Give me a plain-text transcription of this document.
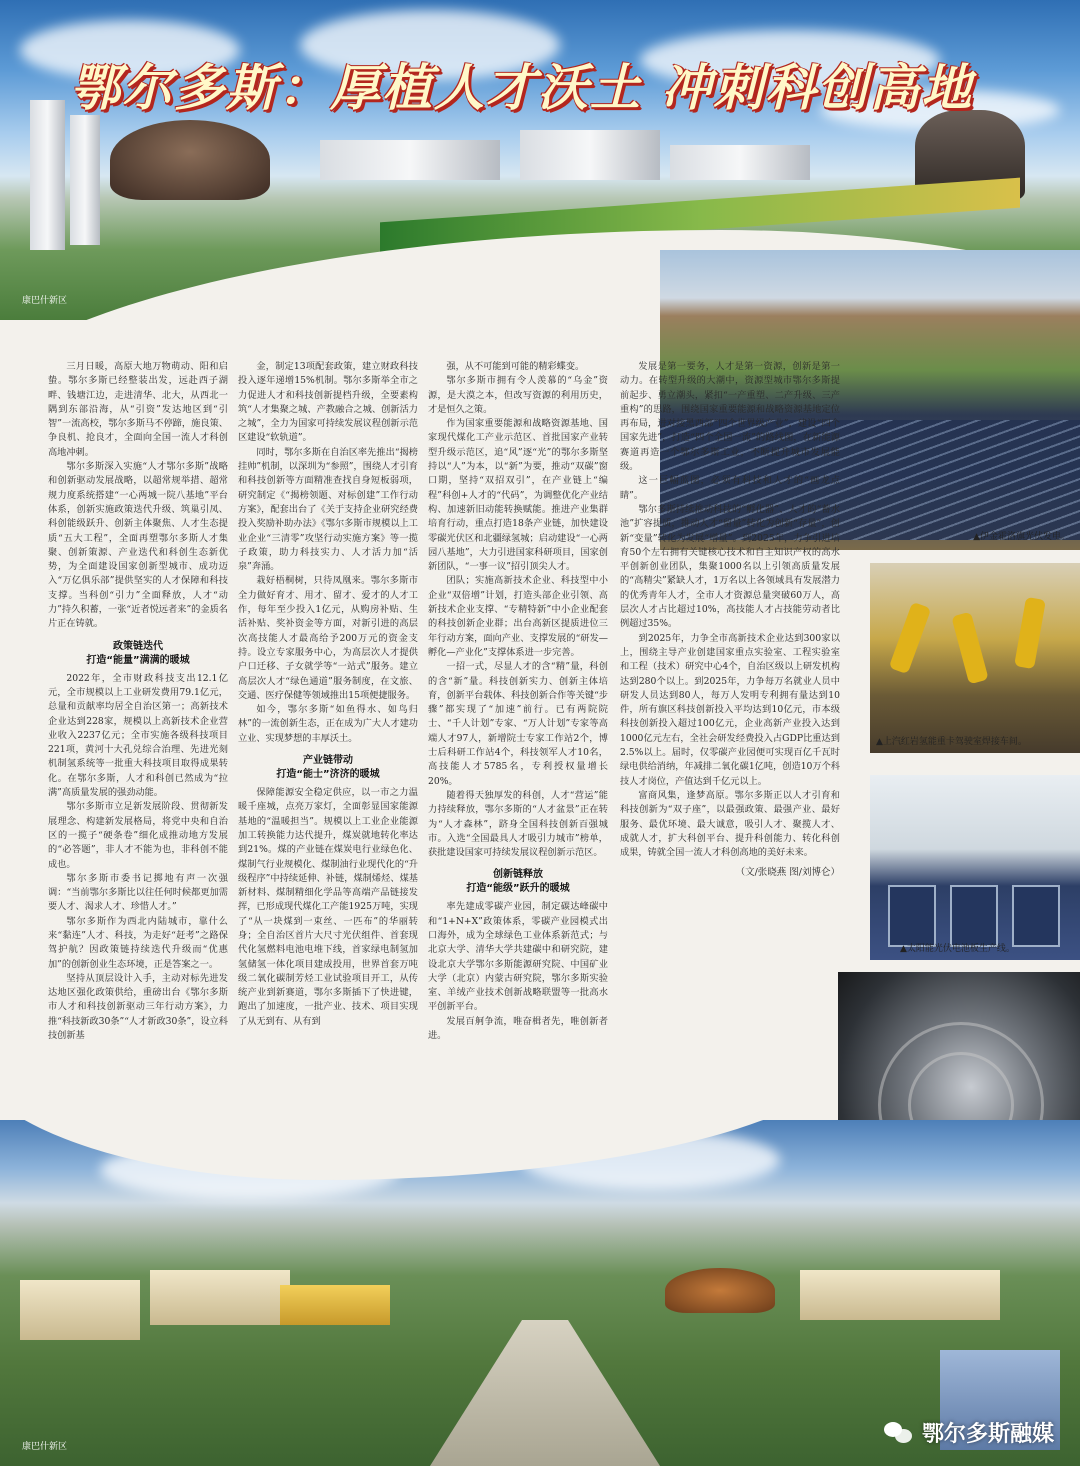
鄂尔多斯：厚植人才沃土 冲刺科创高地
康巴什新区
▲伊金霍洛旗光伏发电。
▲上汽红岩氢能重卡驾驶室焊接车间。
▲太阳能光伏电池板生产线。

三月日暖，高原大地万物萌动、阳和启蛰。鄂尔多斯已经整装出发，远赴西子湖畔、钱塘江边，走进清华、北大，从西北一隅到东部沿海，从“引资”发达地区到“引智”一流高校，鄂尔多斯马不停蹄，施良策、争良机、抢良才，全面向全国一流人才科创高地冲刺。

鄂尔多斯深入实施“人才鄂尔多斯”战略和创新驱动发展战略，以超常规举措、超常规力度系统搭建“一心两城一院八基地”平台体系，创新实施政策迭代升级、筑巢引凤、科创能级跃升、创新主体聚焦、人才生态提质“五大工程”，全面再塑鄂尔多斯人才集聚、创新策源、产业迭代和科创生态新优势，为全面建设国家创新型城市、成功迈入“万亿俱乐部”提供坚实的人才保障和科技支撑。当科创“引力”全面释放，人才“动力”持久积蓄，一张“近者悦远者来”的金质名片正在铸就。

政策链迭代
打造“能量”满满的暖城

2022年，全市财政科技支出12.1亿元，全市规模以上工业研发费用79.1亿元，总量和贡献率均居全自治区第一；高新技术企业达到228家，规模以上高新技术企业营业收入2237亿元；全市实施各级科技项目221项，黄河十大孔兑综合治理、先进光刻机制氢系统等一批重大科技项目取得成果转化。在鄂尔多斯，人才和科创已然成为“拉满”高质量发展的强劲动能。

鄂尔多斯市立足新发展阶段、贯彻新发展理念、构建新发展格局，将党中央和自治区的一揽子“硬条卷”细化成推动地方发展的“必答题”，非人才不能为也，非科创不能成也。

鄂尔多斯市委书记掷地有声一次强调：“当前鄂尔多斯比以往任何时候都更加需要人才、渴求人才、珍惜人才。”

鄂尔多斯作为西北内陆城市，靠什么来“黏连”人才、科技，为走好“赶考”之路保驾护航？因政策链持续迭代升级而“优惠加”的创新创业生态环境，正是答案之一。

坚持从顶层设计入手，主动对标先进发达地区强化政策供给，重磅出台《鄂尔多斯市人才和科技创新驱动三年行动方案》，力推“科技新政30条”“人才新政30条”，设立科技创新基

金，制定13项配套政策，建立财政科技投入逐年递增15%机制。鄂尔多斯举全市之力促进人才和科技创新提档升级，全要素构筑“人才集聚之城、产教融合之城、创新活力之城”，全力为国家可持续发展议程创新示范区建设“软轨道”。

同时，鄂尔多斯在自治区率先推出“揭榜挂帅”机制，以深圳为“参照”，围绕人才引育和科技创新等方面精准查找自身短板弱项，研究制定《“揭榜领题、对标创建”工作行动方案》，配套出台了《关于支持企业研究经费投入奖励补助办法》《鄂尔多斯市规模以上工业企业“三清零”攻坚行动实施方案》等一揽子政策，助力科技实力、人才活力加“活泉”奔涌。

栽好梧桐树，只待凤凰来。鄂尔多斯市全力做好育才、用才、留才、爱才的人才工作，每年至少投入1亿元，从购房补贴、生活补贴、奖补资金等方面，对新引进的高层次高技能人才最高给予200万元的资金支持。设立专家服务中心，为高层次人才提供户口迁移、子女就学等“一站式”服务。建立高层次人才“绿色通道”服务制度，在文旅、交通、医疗保健等领域推出15项便捷服务。

如今，鄂尔多斯“如鱼得水、如鸟归林”的一流创新生态，正在成为广大人才建功立业、实现梦想的丰厚沃土。

产业链带动
打造“能士”济济的暖城

保障能源安全稳定供应，以一市之力温暖千座城，点亮万家灯，全面彰显国家能源基地的“温暖担当”。规模以上工业企业能源加工转换能力达代提升，煤炭就地转化率达到21%。煤的产业链在煤炭电行业绿色化、煤制气行业规模化、煤制油行业现代化的“升级程序”中持续延伸、补链，煤制烯烃、煤基新材料、煤制精细化学品等高端产品链接发挥，已形成现代煤化工产能1925万吨，实现了“从一块煤到一束丝、一匹布”的华丽转身；全自治区首片大尺寸光伏组件、首套现代化氢燃料电池电堆下线，首家绿电制氢加氢储氢一体化项目建成投用，世界首套万吨级二氧化碳制芳烃工业试验项目开工，从传统产业到新赛道，鄂尔多斯插下了快进键，跑出了加速度，一批产业、技术、项目实现了从无到有、从有到

强，从不可能到可能的精彩蝶变。

鄂尔多斯市拥有令人羡慕的“乌金”资源，是大漠之本，但改写资源的利用历史，才是恒久之策。

作为国家重要能源和战略资源基地、国家现代煤化工产业示范区、首批国家产业转型升级示范区，追“风”逐“光”的鄂尔多斯坚持以“人”为本，以“新”为要，推动“双碳”窗口期，坚持“双招双引”，在产业链上“编程”科创+人才的“代码”，为调整优化产业结构、加速新旧动能转换赋能。推进产业集群培育行动，重点打造18条产业链，加快建设零碳光伏区和北疆绿氢城；启动建设“一心两园八基地”，大力引进国家科研项目，国家创新团队，“一事一议”招引顶尖人才。

团队；实施高新技术企业、科技型中小企业“双倍增”计划，打造头部企业引领、高新技术企业支撑、“专精特新”中小企业配套的科技创新企业群；出台高新区提质进位三年行动方案，面向产业、支撑发展的“研发—孵化—产业化”支撑体系进一步完善。

一招一式，尽显人才的含“精”量，科创的含“新”量。科技创新实力、创新主体培育，创新平台载体、科技创新合作等关键“步骤”都实现了“加速”前行。已有两院院士、“千人计划”专家、“万人计划”专家等高端人才97人，新增院士专家工作站2个，博士后科研工作站4个，科技领军人才10名，高技能人才5785名，专利授权量增长20%。

随着得天独厚发的科创，人才“营运”能力持续释放，鄂尔多斯的“人才盆景”正在转为“人才森林”，跻身全国科技创新百强城市。入选“全国最具人才吸引力城市”榜单，获批建设国家可持续发展议程创新示范区。

创新链释放
打造“能级”跃升的暖城

率先建成零碳产业园，制定碳达峰碳中和“1+N+X”政策体系，零碳产业园模式出口海外，成为全球绿色工业体系新范式；与北京大学、清华大学共建碳中和研究院，建设北京大学鄂尔多斯能源研究院、中国矿业大学（北京）内蒙古研究院，鄂尔多斯实验室、羊绒产业技术创新战略联盟等一批高水平创新平台。

发展百舸争流，唯奋楫者先，唯创新者进。

发展是第一要务，人才是第一资源，创新是第一动力。在转型升级的大潮中，资源型城市鄂尔多斯提前起步、勇立潮头，紧扣“一产重塑、二产升级、三产重构”的思路，围绕国家重要能源和战略资源基地定位再布局，进对接黑西部“四个世界级产业”，建设“四个国家先进”，打造“四个全国一流”的路线图，在新能源赛道再造一个鄂尔多斯工业，不断提升城市发展能级。

这一巨幅蓝图，必须有科技和人才的“画龙点睛”。

鄂尔多斯持续推动科技的“孵化器”、人才的“蓄水池”扩容提质，推动人才“留量”转化为创新“存量”，创新“变量”转化为发展“增量”。到2025年，力争引进培育50个左右拥有关键核心技术和自主知识产权的高水平创新创业团队，集聚1000名以上引领高质量发展的“高精尖”紧缺人才，1万名以上各领域具有发展潜力的优秀青年人才，全市人才资源总量突破60万人，高层次人才占比超过10%，高技能人才占技能劳动者比例超过35%。

到2025年，力争全市高新技术企业达到300家以上，围绕主导产业创建国家重点实验室、工程实验室和工程（技术）研究中心4个，自治区级以上研发机构达到280个以上。到2025年，力争每万名就业人员中研发人员达到80人，每万人发明专利拥有量达到10件，所有旗区科技创新投入平均达到10亿元，市本级科技创新投入超过100亿元，企业高新产业投入达到1000亿元左右，全社会研发经费投入占GDP比重达到2.5%以上。届时，仅零碳产业园便可实现百亿千瓦时绿电供给消纳，年减排二氧化碳1亿吨，创造10万个科技人才岗位，产值达到千亿元以上。

富商风集，逢梦高原。鄂尔多斯正以人才引育和科技创新为“双子座”，以最强政策、最强产业、最好服务、最优环境、最大诚意，吸引人才、聚揽人才、成就人才，扩大科创平台、提升科创能力、转化科创成果，铸就全国一流人才科创高地的美好未来。

（文/张晓燕 图/刘博仑）
康巴什新区	鄂尔多斯融媒
